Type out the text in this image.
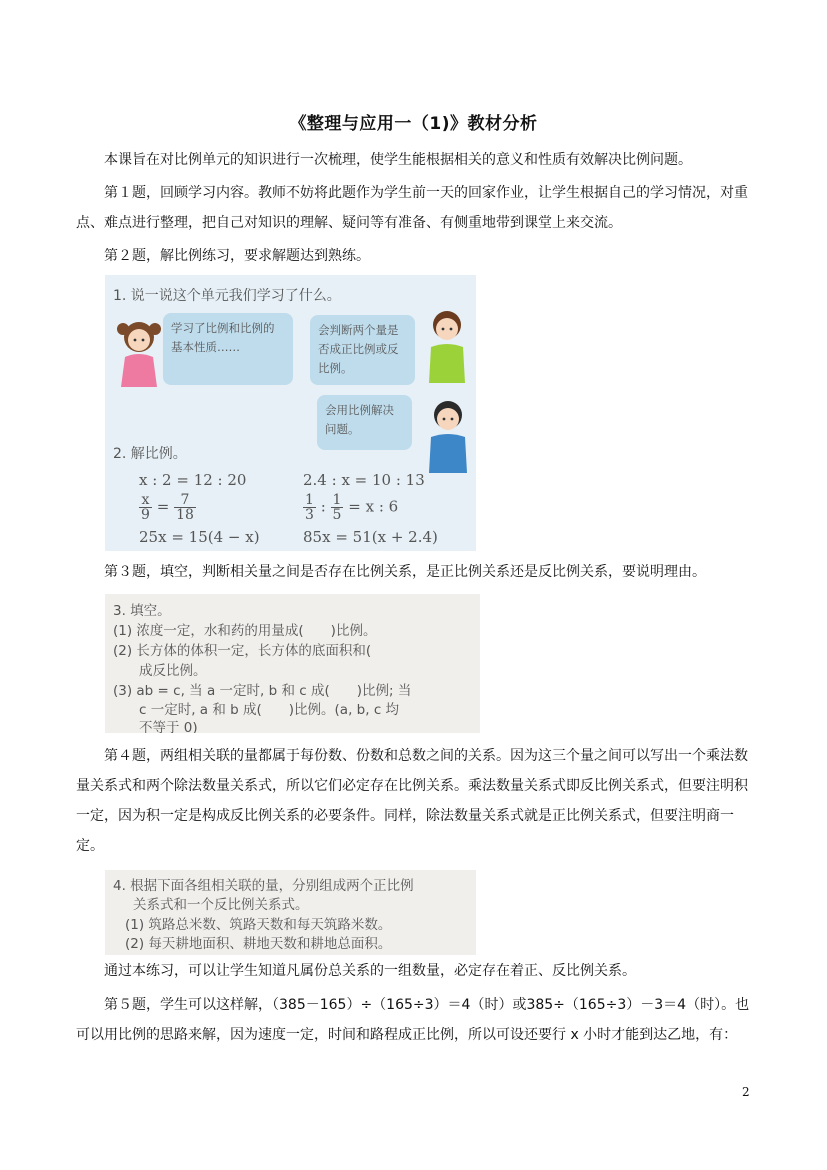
《整理与应用一（1)》教材分析
本课旨在对比例单元的知识进行一次梳理，使学生能根据相关的意义和性质有效解决比例问题。
第１题，回顾学习内容。教师不妨将此题作为学生前一天的回家作业，让学生根据自己的学习情况，对重点、难点进行整理，把自己对知识的理解、疑问等有准备、有侧重地带到课堂上来交流。
第２题，解比例练习，要求解题达到熟练。
1. 说一说这个单元我们学习了什么。
学习了比例和比例的基本性质……
会判断两个量是否成正比例或反比例。
会用比例解决问题。
2. 解比例。
x : 2 = 12 : 20	2.4 : x = 10 : 13
$\frac{x}{9} = \frac{7}{18}$	$\frac{1}{3}$ : $\frac{1}{5} = x$ : 6
25x = 15(4 − x)	85x = 51(x + 2.4)
第３题，填空，判断相关量之间是否存在比例关系，是正比例关系还是反比例关系，要说明理由。
3. 填空。
(1) 浓度一定，水和药的用量成(　　)比例。
(2) 长方体的体积一定，长方体的底面积和(
成反比例。
(3) ab = c, 当 a 一定时, b 和 c 成(　　)比例; 当
c 一定时, a 和 b 成(　　)比例。(a, b, c 均
不等于 0)
第４题，两组相关联的量都属于每份数、份数和总数之间的关系。因为这三个量之间可以写出一个乘法数量关系式和两个除法数量关系式，所以它们必定存在比例关系。乘法数量关系式即反比例关系式，但要注明积一定，因为积一定是构成反比例关系的必要条件。同样，除法数量关系式就是正比例关系式，但要注明商一定。
4. 根据下面各组相关联的量，分别组成两个正比例
关系式和一个反比例关系式。
(1) 筑路总米数、筑路天数和每天筑路米数。
(2) 每天耕地面积、耕地天数和耕地总面积。
通过本练习，可以让学生知道凡属份总关系的一组数量，必定存在着正、反比例关系。
第５题，学生可以这样解，（385－165）÷（165÷3）＝4（时）或385÷（165÷3）－3＝4（时）。也可以用比例的思路来解，因为速度一定，时间和路程成正比例，所以可设还要行 x 小时才能到达乙地，有：
2
